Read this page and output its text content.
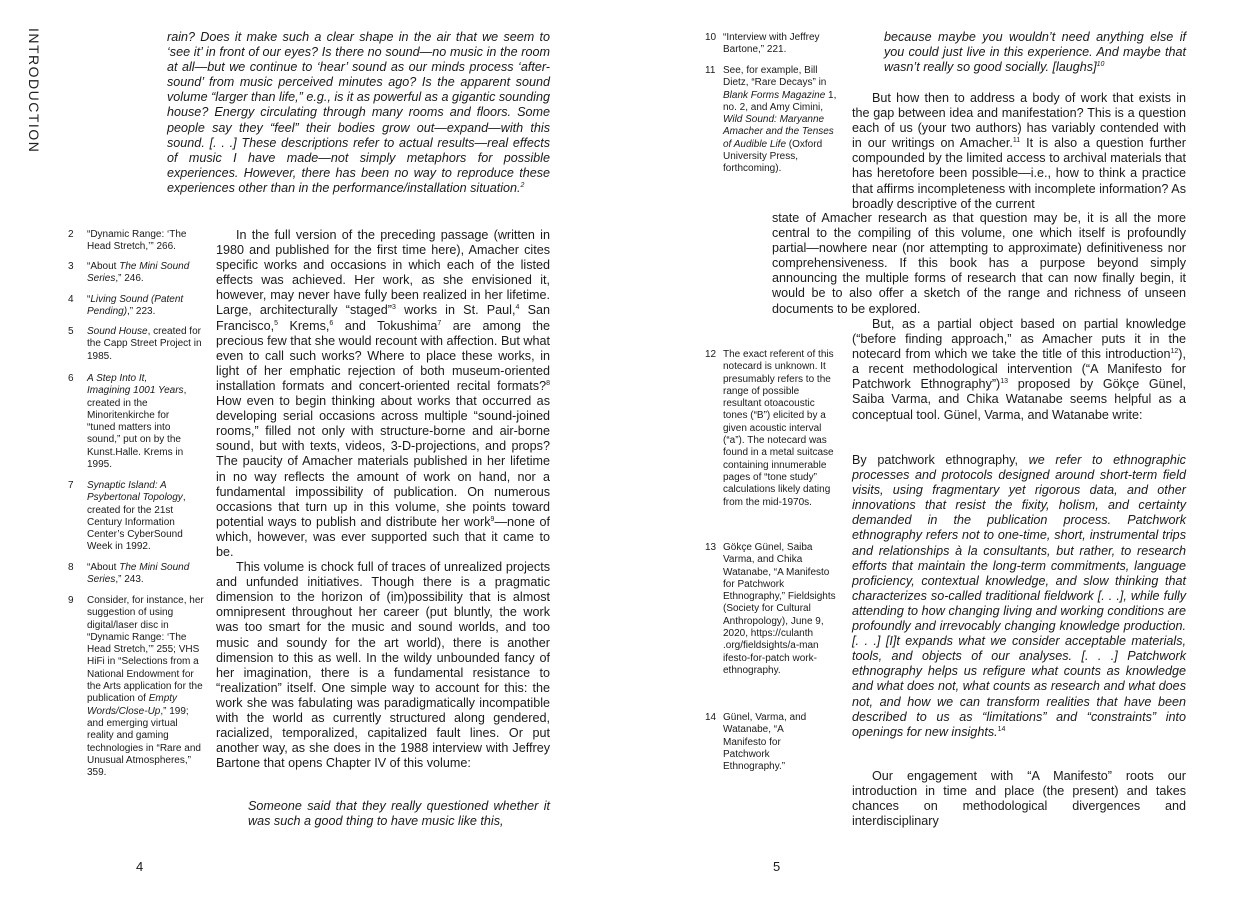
INTRODUCTION	rain? Does it make such a clear shape in the air that we seem to ‘see it’ in front of our eyes? Is there no sound—no music in the room at all—but we continue to ‘hear’ sound as our minds process ‘after-sound’ from music perceived minutes ago? Is the apparent sound volume “larger than life,” e.g., is it as powerful as a gigantic sounding house? Energy circulating through many rooms and floors. Some people say they “feel” their bodies grow out—expand—with this sound. [. . .] These descriptions refer to actual results—real effects of music I have made—not simply metaphors for possible experiences. However, there has been no way to reproduce these experiences other than in the performance/installation situation.$^2$

In the full version of the preceding passage (written in 1980 and published for the first time here), Amacher cites specific works and occasions in which each of the listed effects was achieved. Her work, as she envisioned it, however, may never have fully been realized in her lifetime. Large, architecturally “staged”$^3$ works in St. Paul,$^4$ San Francisco,$^5$ Krems,$^6$ and Tokushima$^7$ are among the precious few that she would recount with affection. But what even to call such works? Where to place these works, in light of her emphatic rejection of both museum-oriented installation formats and concert-oriented recital formats?$^8$ How even to begin thinking about works that occurred as developing serial occasions across multiple “sound-joined rooms,” filled not only with structure-borne and air-borne sound, but with texts, videos, 3-D-projections, and props? The paucity of Amacher materials published in her lifetime in no way reflects the amount of work on hand, nor a fundamental impossibility of publication. On numerous occasions that turn up in this volume, she points toward potential ways to publish and distribute her work$^9$—none of which, however, was ever supported such that it came to be.

This volume is chock full of traces of unrealized projects and unfunded initiatives. Though there is a pragmatic dimension to the horizon of (im)possibility that is almost omnipresent throughout her career (put bluntly, the work was too smart for the music and sound worlds, and too music and soundy for the art world), there is another dimension to this as well. In the wildy unbounded fancy of her imagination, there is a fundamental resistance to “realization” itself. One simple way to account for this: the work she was fabulating was paradigmatically incompatible with the world as currently structured along gendered, racialized, temporalized, capitalized fault lines. Or put another way, as she does in the 1988 interview with Jeffrey Bartone that opens Chapter IV of this volume:

Someone said that they really questioned whether it was such a good thing to have music like this,

2	“Dynamic Range: ‘The Head Stretch,’” 266.

3	“About The Mini Sound Series,” 246.

4	“Living Sound (Patent Pending),” 223.

5	Sound House, created for the Capp Street Project in 1985.

6	A Step Into It, Imagining 1001 Years, created in the Minoritenkirche for “tuned matters into sound,” put on by the Kunst.Halle. Krems in 1995.

7	Synaptic Island: A Psybertonal Topology, created for the 21st Century Information Center’s CyberSound Week in 1992.

8	“About The Mini Sound Series,” 243.

9	Consider, for instance, her suggestion of using digital/laser disc in “Dynamic Range: ‘The Head Stretch,’” 255; VHS HiFi in “Selections from a National Endowment for the Arts application for the publication of Empty Words/Close-Up,” 199; and emerging virtual reality and gaming technologies in “Rare and Unusual Atmospheres,” 359.

4

because maybe you wouldn’t need anything else if you could just live in this experience. And maybe that wasn’t really so good socially. [laughs]$^{10}$

But how then to address a body of work that exists in the gap between idea and manifestation? This is a question each of us (your two authors) has variably contended with in our writings on Amacher.$^{11}$ It is also a question further compounded by the limited access to archival materials that has heretofore been possible—i.e., how to think a practice that affirms incompleteness with incomplete information? As broadly descriptive of the current

state of Amacher research as that question may be, it is all the more central to the compiling of this volume, one which itself is profoundly partial—nowhere near (nor attempting to approximate) definitiveness nor comprehensiveness. If this book has a purpose beyond simply announcing the multiple forms of research that can now finally begin, it would be to also offer a sketch of the range and richness of unseen documents to be explored.

But, as a partial object based on partial knowledge (“before finding approach,” as Amacher puts it in the notecard from which we take the title of this introduction$^{12}$), a recent methodological intervention (“A Manifesto for Patchwork Ethnography”)$^{13}$ proposed by Gökçe Günel, Saiba Varma, and Chika Watanabe seems helpful as a conceptual tool. Günel, Varma, and Watanabe write:

By patchwork ethnography, we refer to ethnographic processes and protocols designed around short-term field visits, using fragmentary yet rigorous data, and other innovations that resist the fixity, holism, and certainty demanded in the publication process. Patchwork ethnography refers not to one-time, short, instrumental trips and relationships à la consultants, but rather, to research efforts that maintain the long-term commitments, language proficiency, contextual knowledge, and slow thinking that characterizes so-called traditional fieldwork [. . .], while fully attending to how changing living and working conditions are profoundly and irrevocably changing knowledge production. [. . .] [I]t expands what we consider acceptable materials, tools, and objects of our analyses. [. . .] Patchwork ethnography helps us refigure what counts as knowledge and what does not, what counts as research and what does not, and how we can transform realities that have been described to us as “limitations” and “constraints” into openings for new insights.$^{14}$

Our engagement with “A Manifesto” roots our introduction in time and place (the present) and takes chances on methodological divergences and interdisciplinary

10 “Interview with Jeffrey Bartone,” 221.

11 See, for example, Bill Dietz, “Rare Decays” in Blank Forms Magazine 1, no. 2, and Amy Cimini, Wild Sound: Maryanne Amacher and the Tenses of Audible Life (Oxford University Press, forthcoming).

12 The exact referent of this notecard is unknown. It presumably refers to the range of possible resultant otoacoustic tones (“B”) elicited by a given acoustic interval (“a”). The notecard was found in a metal suitcase containing innumerable pages of “tone study” calculations likely dating from the mid-1970s.

13 Gökçe Günel, Saiba Varma, and Chika Watanabe, “A Manifesto for Patchwork Ethnography,” Fieldsights (Society for Cultural Anthropology), June 9, 2020, https://culanth .org/fieldsights/a-man ifesto-for-patch work-ethnography.

14 Günel, Varma, and Watanabe, “A Manifesto for Patchwork Ethnography.”

5
